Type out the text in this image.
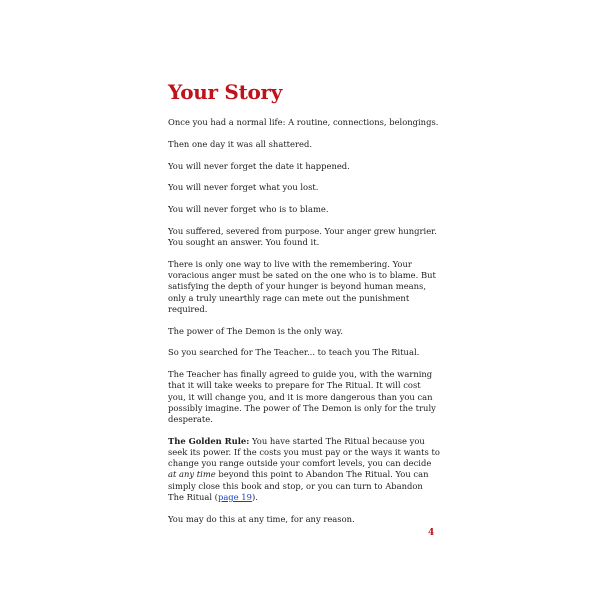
Your Story

Once you had a normal life: A routine, connections, belongings.

Then one day it was all shattered.

You will never forget the date it happened.

You will never forget what you lost.

You will never forget who is to blame.

You suffered, severed from purpose. Your anger grew hungrier. You sought an answer. You found it.

There is only one way to live with the remembering. Your voracious anger must be sated on the one who is to blame. But satisfying the depth of your hunger is beyond human means, only a truly unearthly rage can mete out the punishment required.

The power of The Demon is the only way.

So you searched for The Teacher... to teach you The Ritual.

The Teacher has finally agreed to guide you, with the warning that it will take weeks to prepare for The Ritual. It will cost you, it will change you, and it is more dangerous than you can possibly imagine. The power of The Demon is only for the truly desperate.

The Golden Rule: You have started The Ritual because you seek its power. If the costs you must pay or the ways it wants to change you range outside your comfort levels, you can decide at any time beyond this point to Abandon The Ritual. You can simply close this book and stop, or you can turn to Abandon The Ritual (page 19).

You may do this at any time, for any reason.

4
